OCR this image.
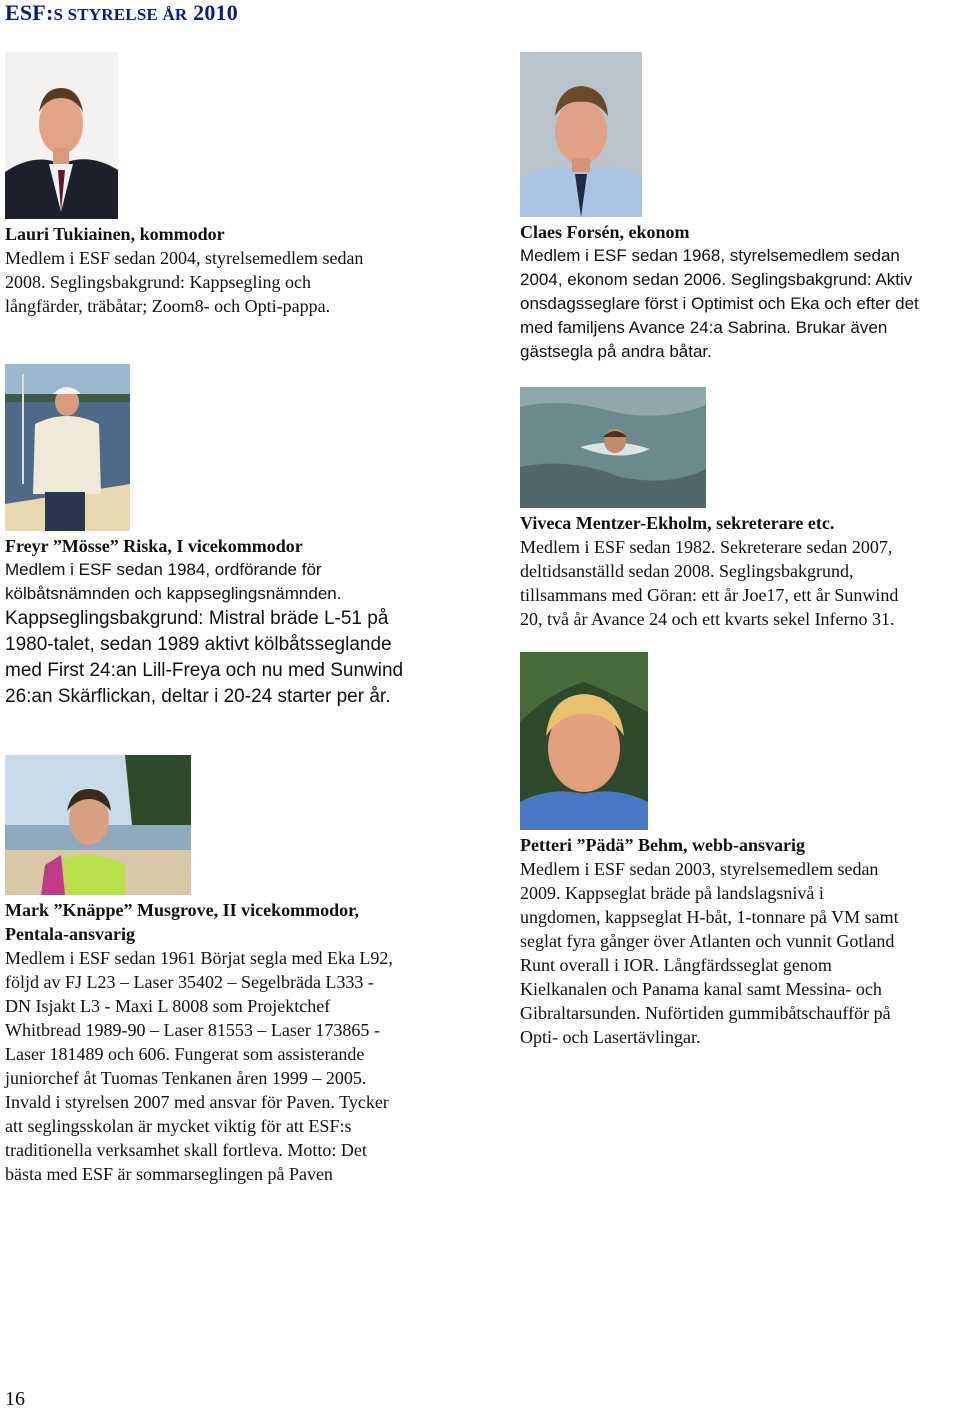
ESF:S STYRELSE ÅR 2010
Lauri Tukiainen, kommodor
Medlem i ESF sedan 2004, styrelsemedlem sedan
2008. Seglingsbakgrund: Kappsegling och
långfärder, träbåtar; Zoom8- och Opti-pappa.
Claes Forsén, ekonom
Medlem i ESF sedan 1968, styrelsemedlem sedan
2004, ekonom sedan 2006. Seglingsbakgrund: Aktiv
onsdagsseglare först i Optimist och Eka och efter det
med familjens Avance 24:a Sabrina. Brukar även
gästsegla på andra båtar.
Freyr ”Mösse” Riska, I vicekommodor
Medlem i ESF sedan 1984, ordförande för
kölbåtsnämnden och kappseglingsnämnden.
Kappseglingsbakgrund: Mistral bräde L-51 på
1980-talet, sedan 1989 aktivt kölbåtsseglande
med First 24:an Lill-Freya och nu med Sunwind
26:an Skärflickan, deltar i 20-24 starter per år.
Viveca Mentzer-Ekholm, sekreterare etc.
Medlem i ESF sedan 1982. Sekreterare sedan 2007,
deltidsanställd sedan 2008. Seglingsbakgrund,
tillsammans med Göran: ett år Joe17, ett år Sunwind
20, två år Avance 24 och ett kvarts sekel Inferno 31.
Petteri ”Pädä” Behm, webb-ansvarig
Medlem i ESF sedan 2003, styrelsemedlem sedan
2009. Kappseglat bräde på landslagsnivå i
ungdomen, kappseglat H-båt, 1-tonnare på VM samt
seglat fyra gånger över Atlanten och vunnit Gotland
Runt overall i IOR. Långfärdsseglat genom
Kielkanalen och Panama kanal samt Messina- och
Gibraltarsunden. Nuförtiden gummibåtschaufför på
Opti- och Lasertävlingar.
Mark ”Knäppe” Musgrove, II vicekommodor,
Pentala-ansvarig
Medlem i ESF sedan 1961 Börjat segla med Eka L92,
följd av FJ L23 – Laser 35402 – Segelbräda L333 -
DN Isjakt L3 - Maxi L 8008 som Projektchef
Whitbread 1989-90 – Laser 81553 – Laser 173865 -
Laser 181489 och 606. Fungerat som assisterande
juniorchef åt Tuomas Tenkanen åren 1999 – 2005.
Invald i styrelsen 2007 med ansvar för Paven. Tycker
att seglingsskolan är mycket viktig för att ESF:s
traditionella verksamhet skall fortleva. Motto: Det
bästa med ESF är sommarseglingen på Paven
16
